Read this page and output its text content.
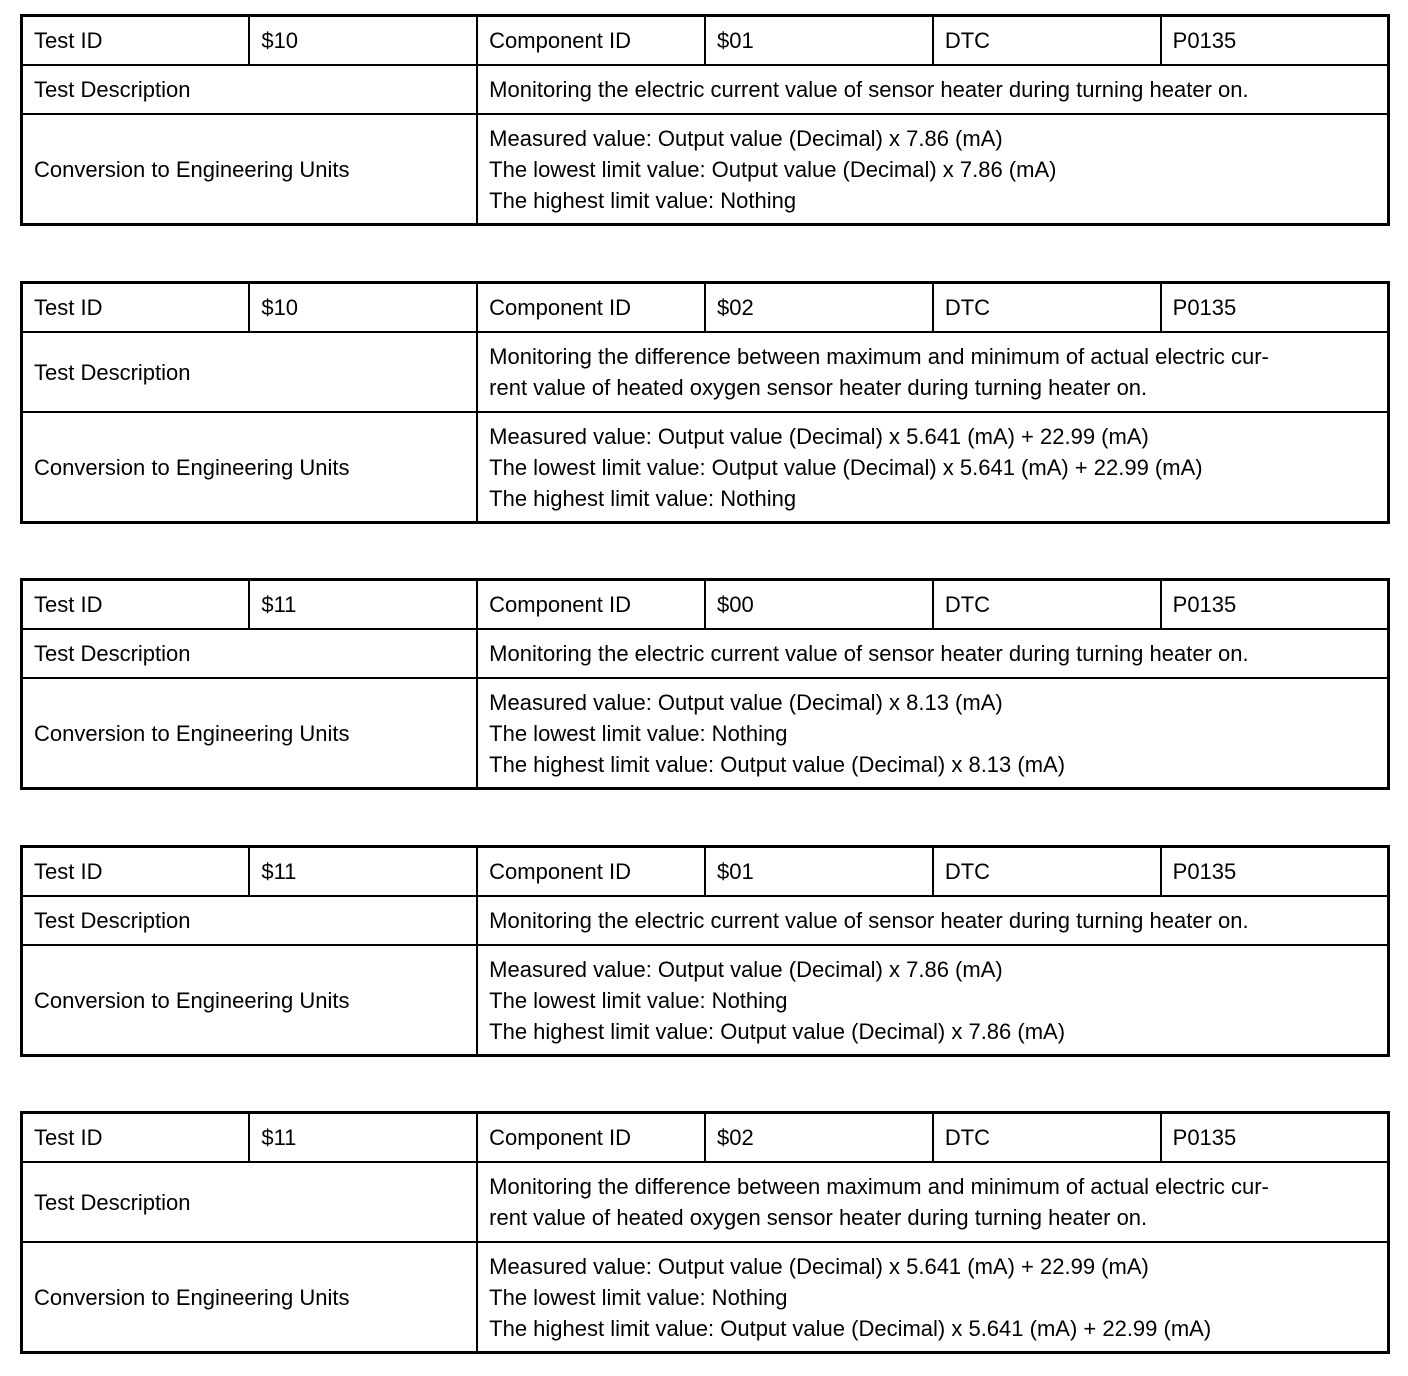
Test ID	$10	Component ID	$01	DTC	P0135
Test Description		Monitoring the electric current value of sensor heater during turning heater on.			

Conversion to Engineering Units		Measured value: Output value (Decimal) x 7.86 (mA)
The lowest limit value: Output value (Decimal) x 7.86 (mA)
The highest limit value: Nothing			
Test ID	$10	Component ID	$02	DTC	P0135
Test Description		Monitoring the difference between maximum and minimum of actual electric cur-
rent value of heated oxygen sensor heater during turning heater on.			

Conversion to Engineering Units		Measured value: Output value (Decimal) x 5.641 (mA) + 22.99 (mA)
The lowest limit value: Output value (Decimal) x 5.641 (mA) + 22.99 (mA)
The highest limit value: Nothing			
Test ID	$11	Component ID	$00	DTC	P0135
Test Description		Monitoring the electric current value of sensor heater during turning heater on.			

Conversion to Engineering Units		Measured value: Output value (Decimal) x 8.13 (mA)
The lowest limit value: Nothing
The highest limit value: Output value (Decimal) x 8.13 (mA)			
Test ID	$11	Component ID	$01	DTC	P0135
Test Description		Monitoring the electric current value of sensor heater during turning heater on.			

Conversion to Engineering Units		Measured value: Output value (Decimal) x 7.86 (mA)
The lowest limit value: Nothing
The highest limit value: Output value (Decimal) x 7.86 (mA)			
Test ID	$11	Component ID	$02	DTC	P0135
Test Description		Monitoring the difference between maximum and minimum of actual electric cur-
rent value of heated oxygen sensor heater during turning heater on.			

Conversion to Engineering Units		Measured value: Output value (Decimal) x 5.641 (mA) + 22.99 (mA)
The lowest limit value: Nothing
The highest limit value: Output value (Decimal) x 5.641 (mA) + 22.99 (mA)			
